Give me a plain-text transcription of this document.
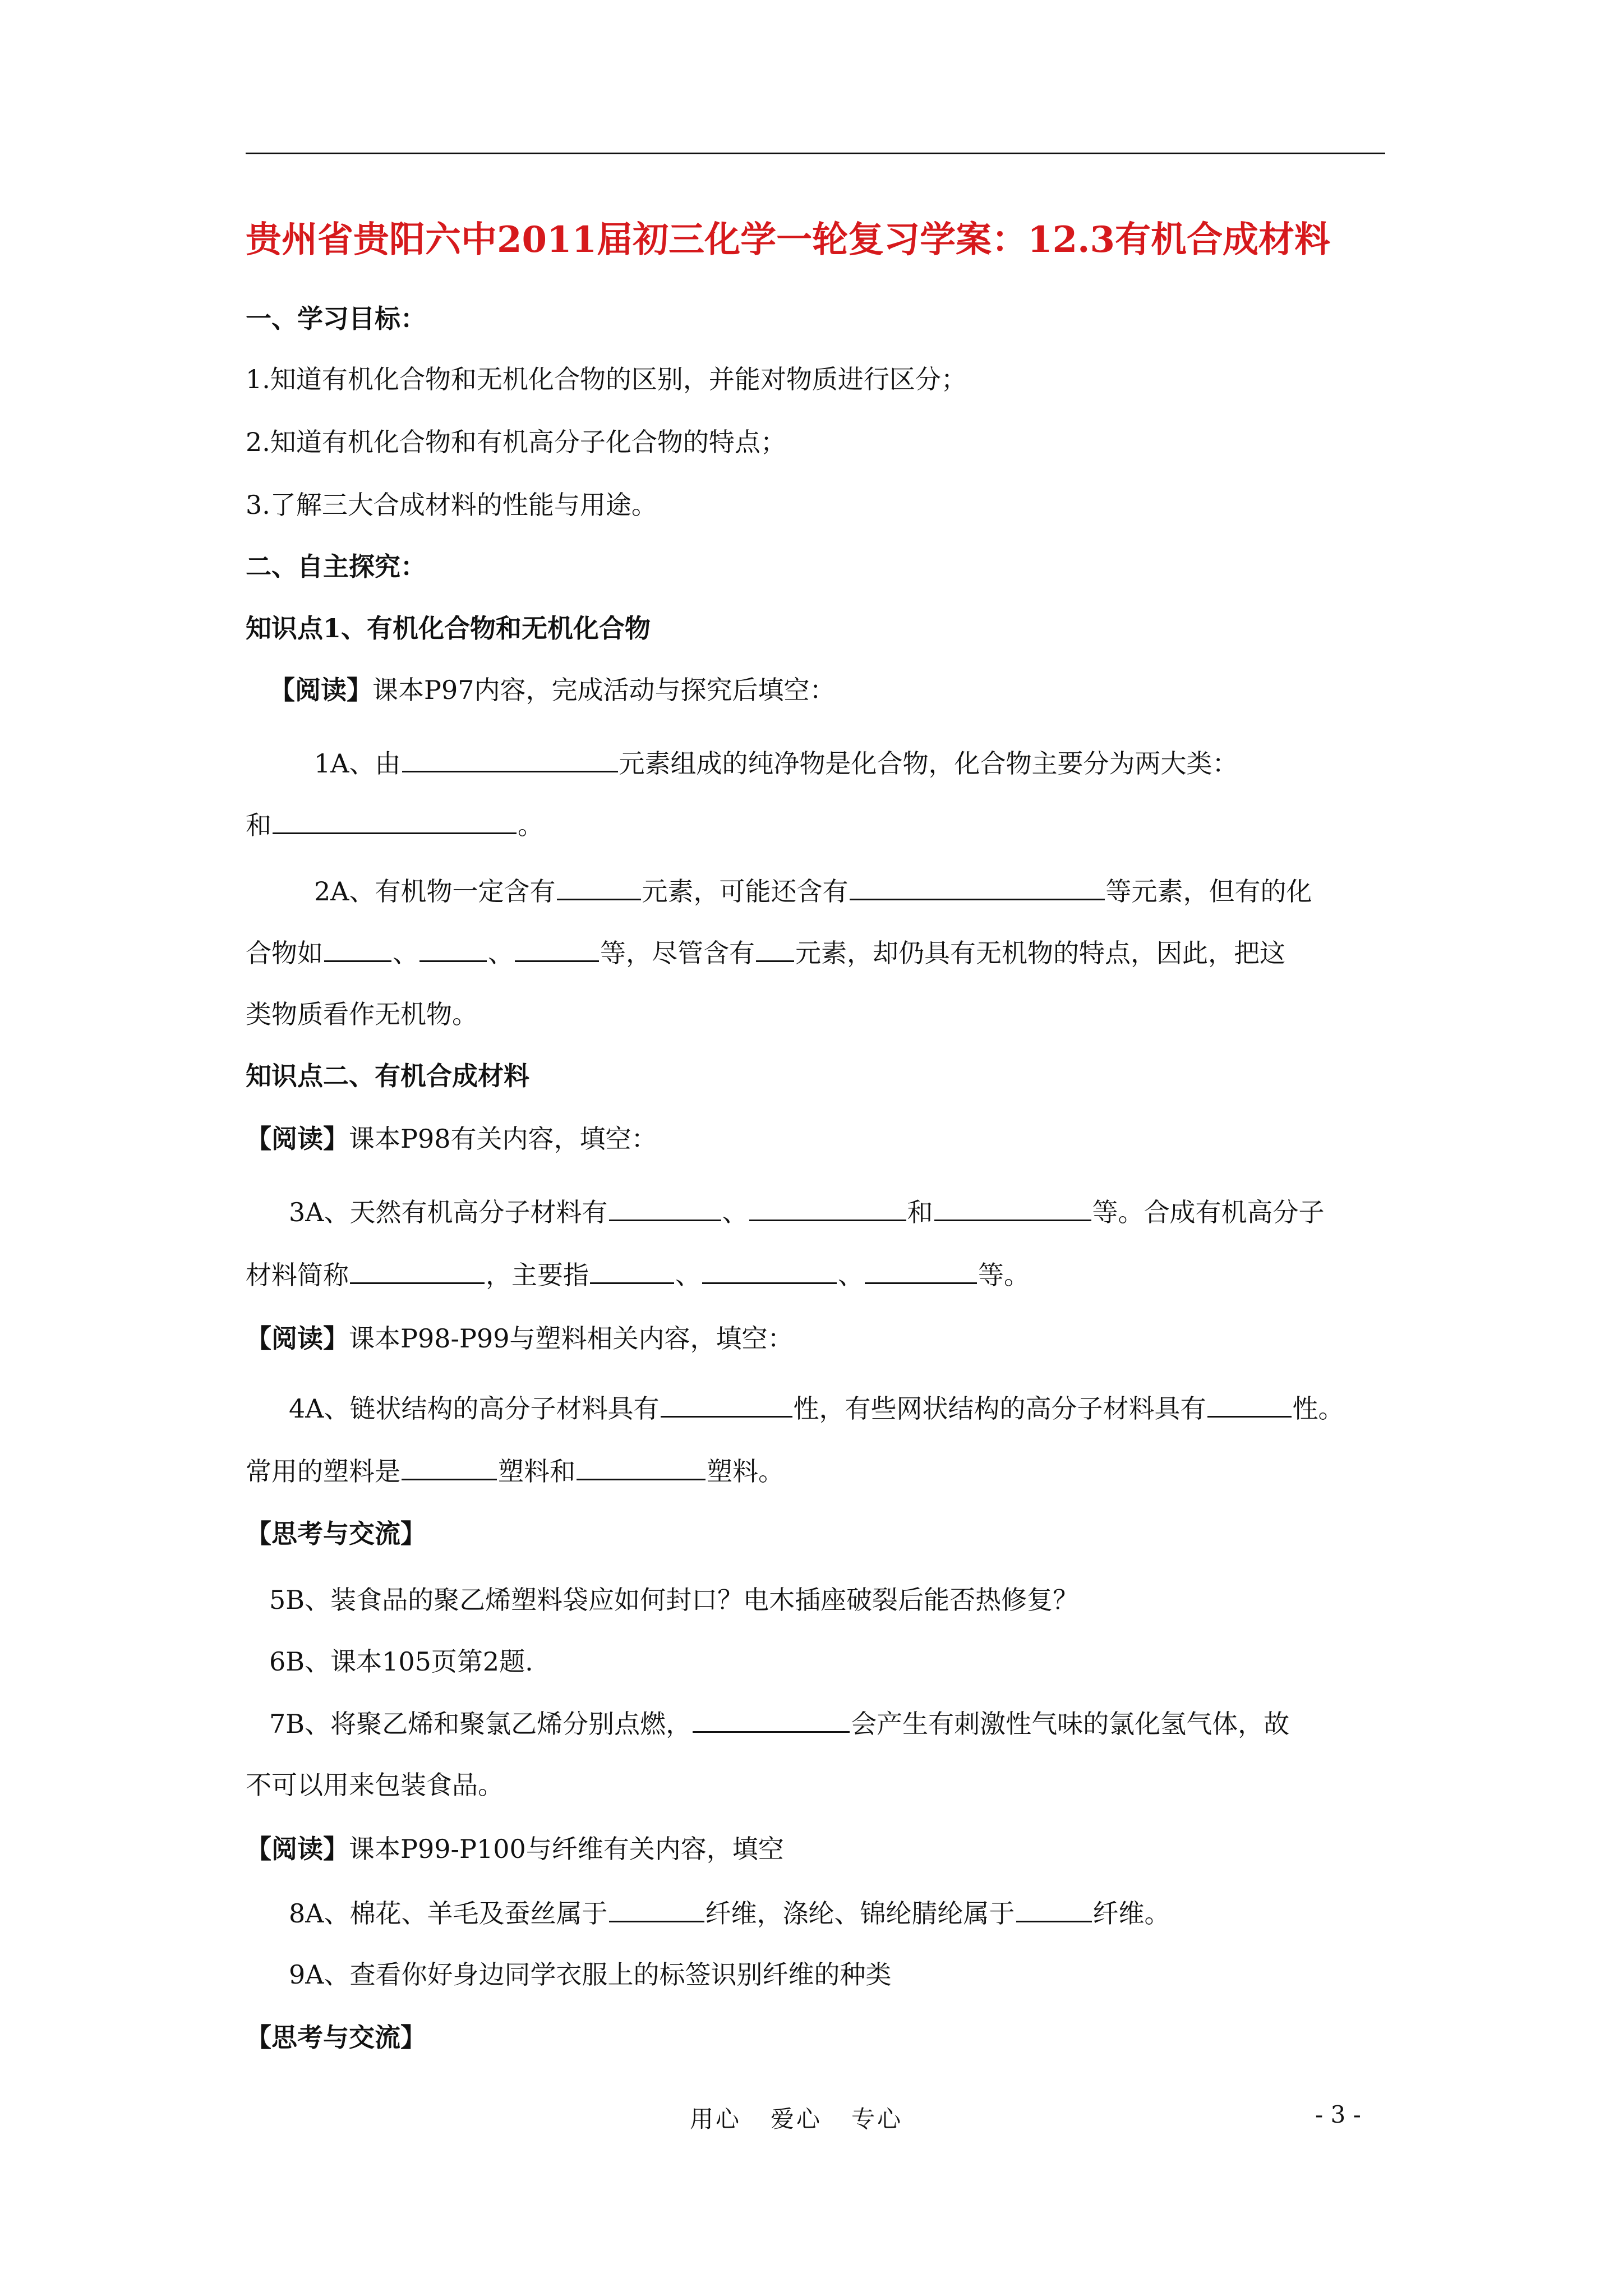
贵州省贵阳六中2011届初三化学一轮复习学案：12.3有机合成材料
一、学习目标：
1.知道有机化合物和无机化合物的区别，并能对物质进行区分；
2.知道有机化合物和有机高分子化合物的特点；
3.了解三大合成材料的性能与用途。
二、自主探究：
知识点1、有机化合物和无机化合物
【阅读】课本P97内容，完成活动与探究后填空：
1A、由	元素组成的纯净物是化合物，化合物主要分为两大类：
和	。
2A、有机物一定含有	元素，可能还含有	等元素，但有的化
合物如	、	、	等，尽管含有 元素，却仍具有无机物的特点，因此，把这
类物质看作无机物。
知识点二、有机合成材料
【阅读】课本P98有关内容，填空：
3A、天然有机高分子材料有	、	和	等。合成有机高分子
材料简称	，主要指	、	、	等。
【阅读】课本P98-P99与塑料相关内容，填空：
4A、链状结构的高分子材料具有	性，有些网状结构的高分子材料具有	性。
常用的塑料是	塑料和	塑料。
【思考与交流】
5B、装食品的聚乙烯塑料袋应如何封口？电木插座破裂后能否热修复？
6B、课本105页第2题.
7B、将聚乙烯和聚氯乙烯分别点燃，	会产生有刺激性气味的氯化氢气体，故
不可以用来包装食品。
【阅读】课本P99-P100与纤维有关内容，填空
8A、棉花、羊毛及蚕丝属于	纤维，涤纶、锦纶腈纶属于	纤维。
9A、查看你好身边同学衣服上的标签识别纤维的种类
【思考与交流】
用心   爱心   专心	- 3 -
